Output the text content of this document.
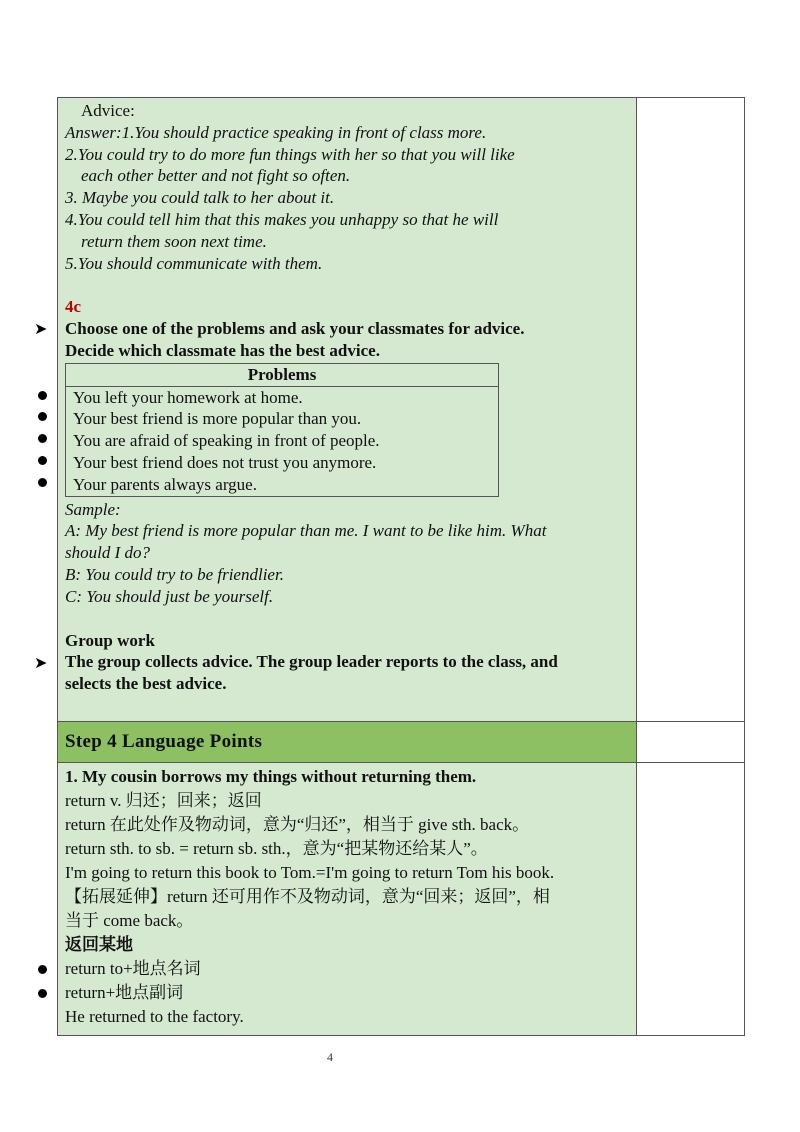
Advice:

Answer:1.You should practice speaking in front of class more.

2.You could try to do more fun things with her so that you will like

each other better and not fight so often.

3. Maybe you could talk to her about it.

4.You could tell him that this makes you unhappy so that he will

return them soon next time.

5.You should communicate with them.

4c

Choose one of the problems and ask your classmates for advice.

Decide which classmate has the best advice.

Problems
You left your homework at home.
Your best friend is more popular than you.
You are afraid of speaking in front of people.
Your best friend does not trust you anymore.
Your parents always argue.

Sample:

A: My best friend is more popular than me. I want to be like him. What

should I do?

B: You could try to be friendlier.

C: You should just be yourself.

Group work

The group collects advice. The group leader reports to the class, and

selects the best advice.

Step 4 Language Points

1. My cousin borrows my things without returning them.

return v. 归还；回来；返回

return 在此处作及物动词，意为“归还”，相当于 give sth. back。

return sth. to sb. = return sb. sth.，意为“把某物还给某人”。

I'm going to return this book to Tom.=I'm going to return Tom his book.

【拓展延伸】return 还可用作不及物动词，意为“回来；返回”，相

当于 come back。

返回某地

return to+地点名词

return+地点副词

He returned to the factory.

➤
➤
4
